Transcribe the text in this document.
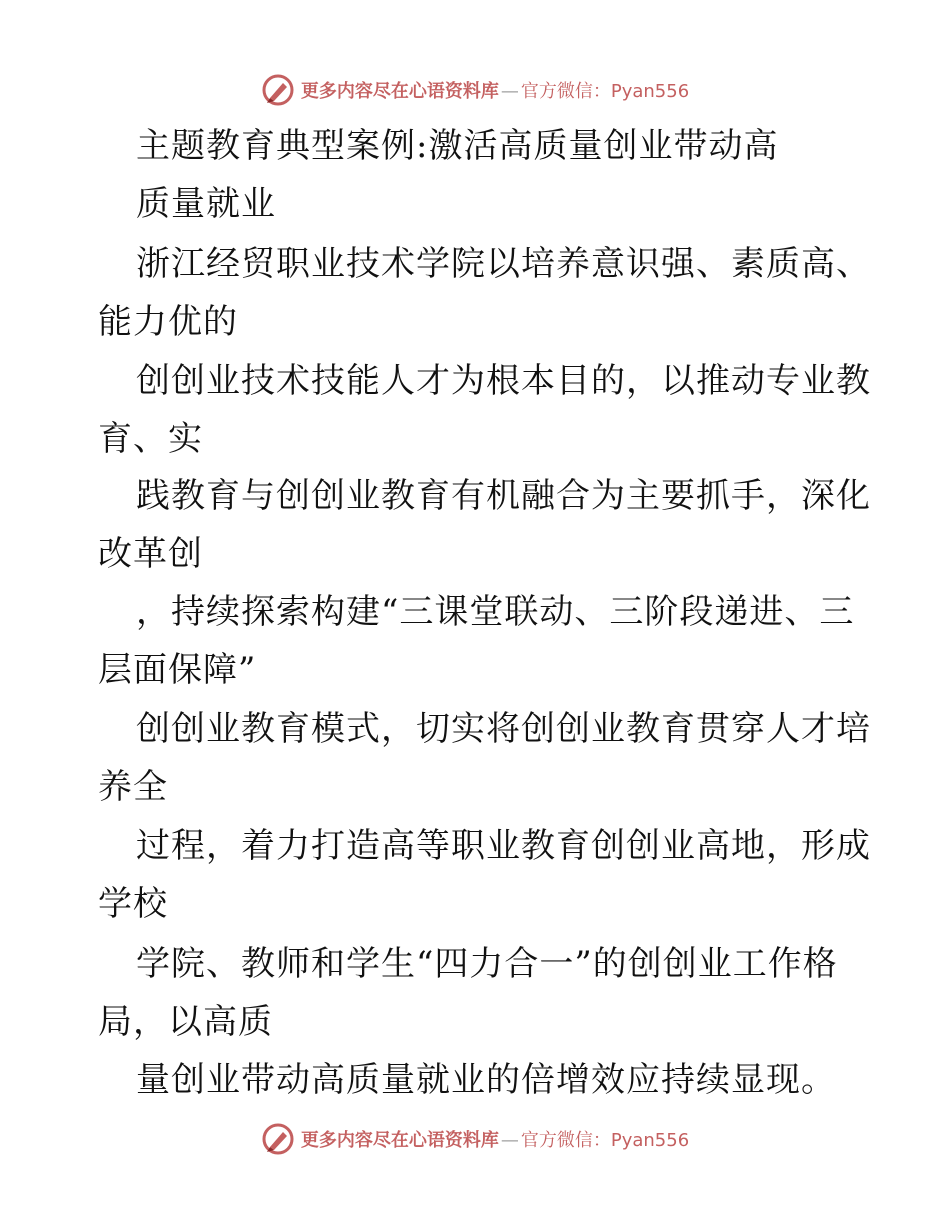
更多内容尽在心语资料库 — 官方微信：Pyan556
主题教育典型案例:激活高质量创业带动高
质量就业
浙江经贸职业技术学院以培养意识强、素质高、
能力优的
创创业技术技能人才为根本目的，以推动专业教
育、实
践教育与创创业教育有机融合为主要抓手，深化
改革创
，持续探索构建“三课堂联动、三阶段递进、三
层面保障”
创创业教育模式，切实将创创业教育贯穿人才培
养全
过程，着力打造高等职业教育创创业高地，形成
学校
学院、教师和学生“四力合一”的创创业工作格
局，以高质
量创业带动高质量就业的倍增效应持续显现。
更多内容尽在心语资料库 — 官方微信：Pyan556
